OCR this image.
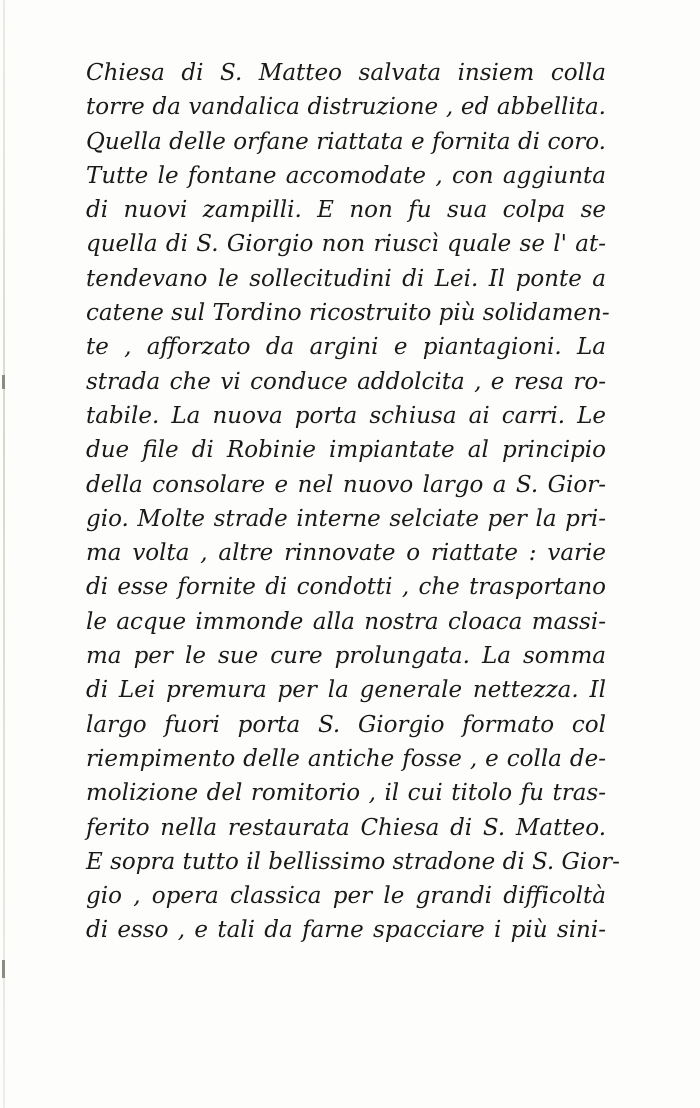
Chiesa di S. Matteo salvata insiem colla
torre da vandalica distruzione , ed abbellita.
Quella delle orfane riattata e fornita di coro.
Tutte le fontane accomodate , con aggiunta
di nuovi zampilli. E non fu sua colpa se
quella di S. Giorgio non riuscì quale se l' at-
tendevano le sollecitudini di Lei. Il ponte a
catene sul Tordino ricostruito più solidamen-
te , afforzato da argini e piantagioni. La
strada che vi conduce addolcita , e resa ro-
tabile. La nuova porta schiusa ai carri. Le
due file di Robinie impiantate al principio
della consolare e nel nuovo largo a S. Gior-
gio. Molte strade interne selciate per la pri-
ma volta , altre rinnovate o riattate : varie
di esse fornite di condotti , che trasportano
le acque immonde alla nostra cloaca massi-
ma per le sue cure prolungata. La somma
di Lei premura per la generale nettezza. Il
largo fuori porta S. Giorgio formato col
riempimento delle antiche fosse , e colla de-
molizione del romitorio , il cui titolo fu tras-
ferito nella restaurata Chiesa di S. Matteo.
E sopra tutto il bellissimo stradone di S. Gior-
gio , opera classica per le grandi difficoltà
di esso , e tali da farne spacciare i più sini-
